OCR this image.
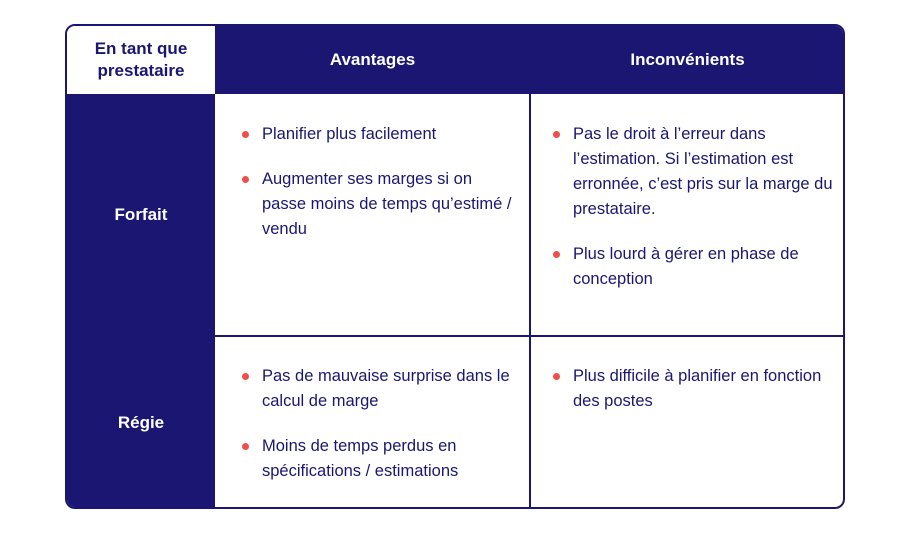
En tant que prestataire
Avantages	Inconvénients
Forfait
Régie
Planifier plus facilement
Augmenter ses marges si on passe moins de temps qu’estimé / vendu
Pas le droit à l’erreur dans l’estimation. Si l’estimation est erronnée, c’est pris sur la marge du prestataire.
Plus lourd à gérer en phase de conception
Pas de mauvaise surprise dans le calcul de marge
Moins de temps perdus en spécifications / estimations
Plus difficile à planifier en fonction des postes
